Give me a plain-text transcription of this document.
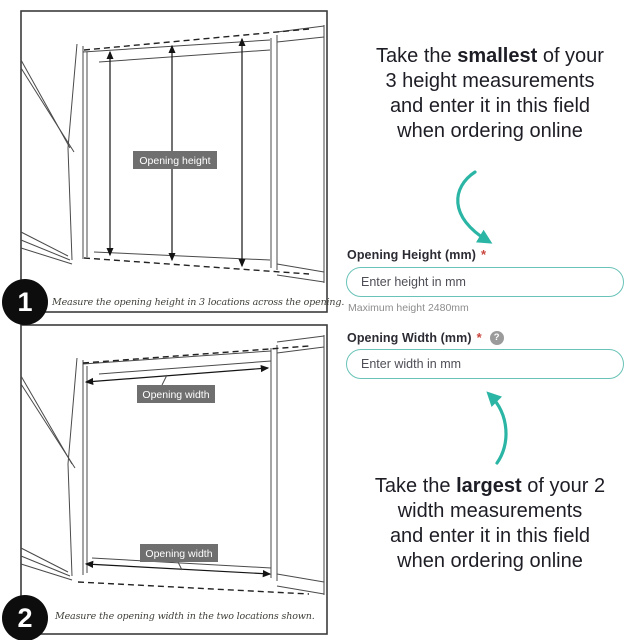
Opening height
1 Measure the opening height in 3 locations across the opening.
Opening width
Opening width
2 Measure the opening width in the two locations shown.
Take the smallest of your
3 height measurements
and enter it in this field
when ordering online
Opening Height (mm) *
Enter height in mm
Maximum height 2480mm
Opening Width (mm) *	?
Enter width in mm
Take the largest of your 2
width measurements
and enter it in this field
when ordering online
